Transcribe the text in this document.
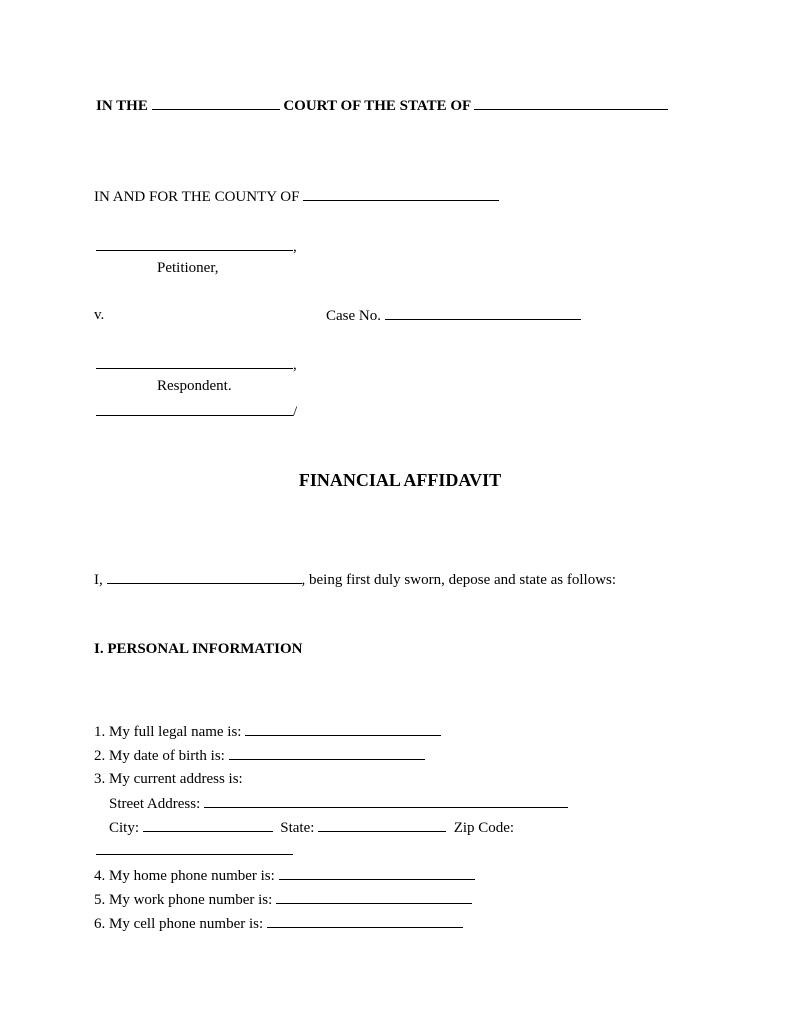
IN THE	COURT OF THE STATE OF
IN AND FOR THE COUNTY OF
,
Petitioner,
v.	Case No.
,
Respondent.
/
FINANCIAL AFFIDAVIT
I,	, being first duly sworn, depose and state as follows:
I. PERSONAL INFORMATION
1. My full legal name is:
2. My date of birth is:
3. My current address is:
Street Address:
City:	State:	Zip Code:
4. My home phone number is:
5. My work phone number is:
6. My cell phone number is:
